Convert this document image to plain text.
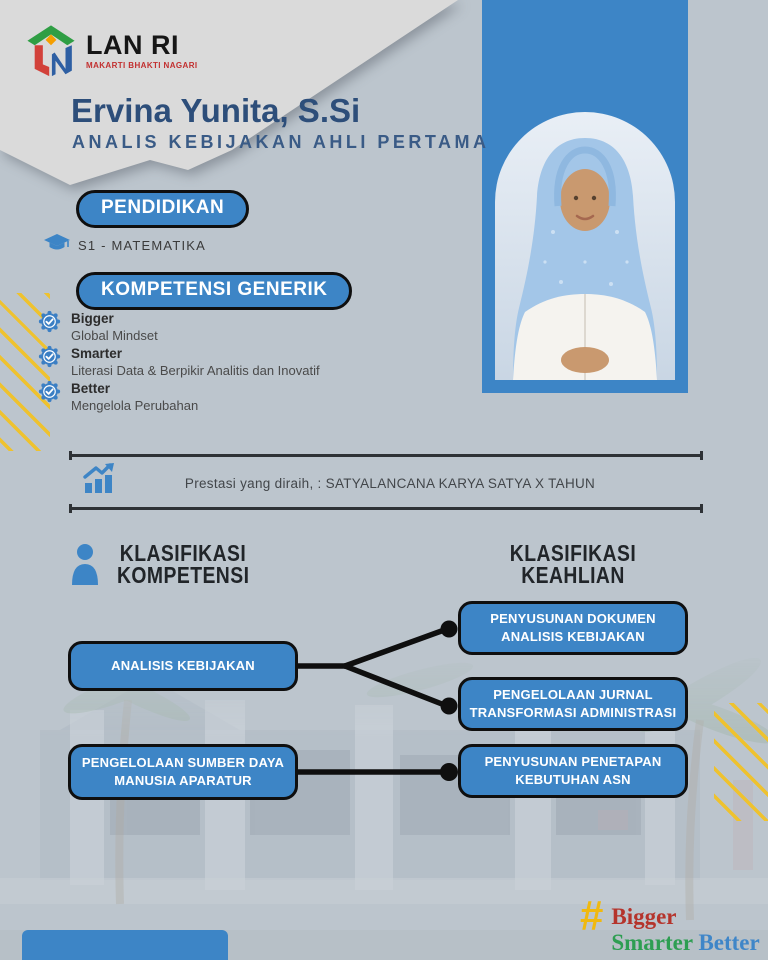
LAN RI
MAKARTI BHAKTI NAGARI
Ervina Yunita, S.Si
ANALIS KEBIJAKAN AHLI PERTAMA
PENDIDIKAN
S1 - MATEMATIKA
KOMPETENSI GENERIK
Bigger
Global Mindset
Smarter
Literasi Data & Berpikir Analitis dan Inovatif
Better
Mengelola Perubahan
Prestasi yang diraih, : SATYALANCANA KARYA SATYA X TAHUN
KLASIFIKASI
KOMPETENSI
KLASIFIKASI
KEAHLIAN
ANALISIS KEBIJAKAN
PENYUSUNAN DOKUMEN ANALISIS KEBIJAKAN
PENGELOLAAN JURNAL TRANSFORMASI ADMINISTRASI
PENGELOLAAN SUMBER DAYA MANUSIA APARATUR
PENYUSUNAN PENETAPAN KEBUTUHAN ASN
# Bigger
Smarter Better
